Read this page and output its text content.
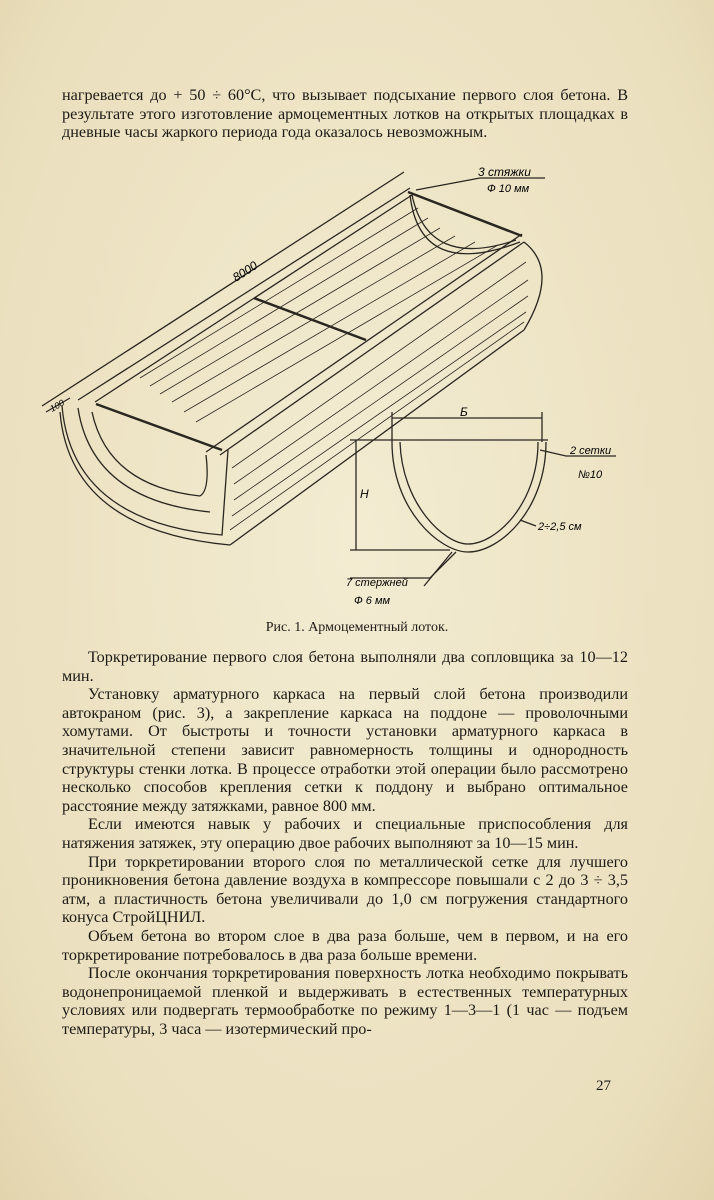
нагревается до + 50 ÷ 60°С, что вызывает подсыхание первого слоя бетона. В результате этого изготовление армоцементных лотков на открытых площадках в дневные часы жаркого периода года оказалось невозможным.

3 стяжки
Ф 10 мм
8000
100	Б
Н
2 сетки
№10
2÷2,5 см
7 стержней
Ф 6 мм
Рис. 1. Армоцементный лоток.

Торкретирование первого слоя бетона выполняли два сопловщика за 10—12 мин.

Установку арматурного каркаса на первый слой бетона производили автокраном (рис. 3), а закрепление каркаса на поддоне — проволочными хомутами. От быстроты и точности установки арматурного каркаса в значительной степени зависит равномерность толщины и однородность структуры стенки лотка. В процессе отработки этой операции было рассмотрено несколько способов крепления сетки к поддону и выбрано оптимальное расстояние между затяжками, равное 800 мм.

Если имеются навык у рабочих и специальные приспособления для натяжения затяжек, эту операцию двое рабочих выполняют за 10—15 мин.

При торкретировании второго слоя по металлической сетке для лучшего проникновения бетона давление воздуха в компрессоре повышали с 2 до 3 ÷ 3,5 атм, а пластичность бетона увеличивали до 1,0 см погружения стандартного конуса СтройЦНИЛ.

Объем бетона во втором слое в два раза больше, чем в первом, и на его торкретирование потребовалось в два раза больше времени.

После окончания торкретирования поверхность лотка необходимо покрывать водонепроницаемой пленкой и выдерживать в естественных температурных условиях или подвергать термообработке по режиму 1—3—1 (1 час — подъем температуры, 3 часа — изотермический про-

27
